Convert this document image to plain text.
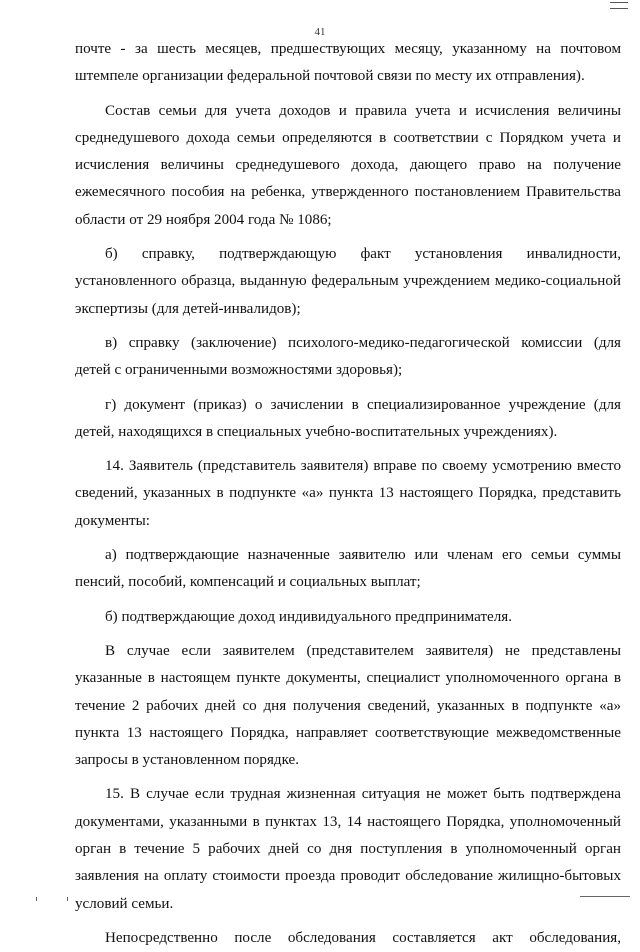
41

почте - за шесть месяцев, предшествующих месяцу, указанному на почтовом штемпеле организации федеральной почтовой связи по месту их отправления).

Состав семьи для учета доходов и правила учета и исчисления величины среднедушевого дохода семьи определяются в соответствии с Порядком учета и исчисления величины среднедушевого дохода, дающего право на получение ежемесячного пособия на ребенка, утвержденного постановлением Правительства области от 29 ноября 2004 года № 1086;

б) справку, подтверждающую факт установления инвалидности, установленного образца, выданную федеральным учреждением медико-социальной экспертизы (для детей-инвалидов);

в) справку (заключение) психолого-медико-педагогической комиссии (для детей с ограниченными возможностями здоровья);

г) документ (приказ) о зачислении в специализированное учреждение (для детей, находящихся в специальных учебно-воспитательных учреждениях).

14. Заявитель (представитель заявителя) вправе по своему усмотрению вместо сведений, указанных в подпункте «а» пункта 13 настоящего Порядка, представить документы:

а) подтверждающие назначенные заявителю или членам его семьи суммы пенсий, пособий, компенсаций и социальных выплат;

б) подтверждающие доход индивидуального предпринимателя.

В случае если заявителем (представителем заявителя) не представлены указанные в настоящем пункте документы, специалист уполномоченного органа в течение 2 рабочих дней со дня получения сведений, указанных в подпункте «а» пункта 13 настоящего Порядка, направляет соответствующие межведомственные запросы в установленном порядке.

15. В случае если трудная жизненная ситуация не может быть подтверждена документами, указанными в пунктах 13, 14 настоящего Порядка, уполномоченный орган в течение 5 рабочих дней со дня поступления в уполномоченный орган заявления на оплату стоимости проезда проводит обследование жилищно-бытовых условий семьи.

Непосредственно после обследования составляется акт обследования,
